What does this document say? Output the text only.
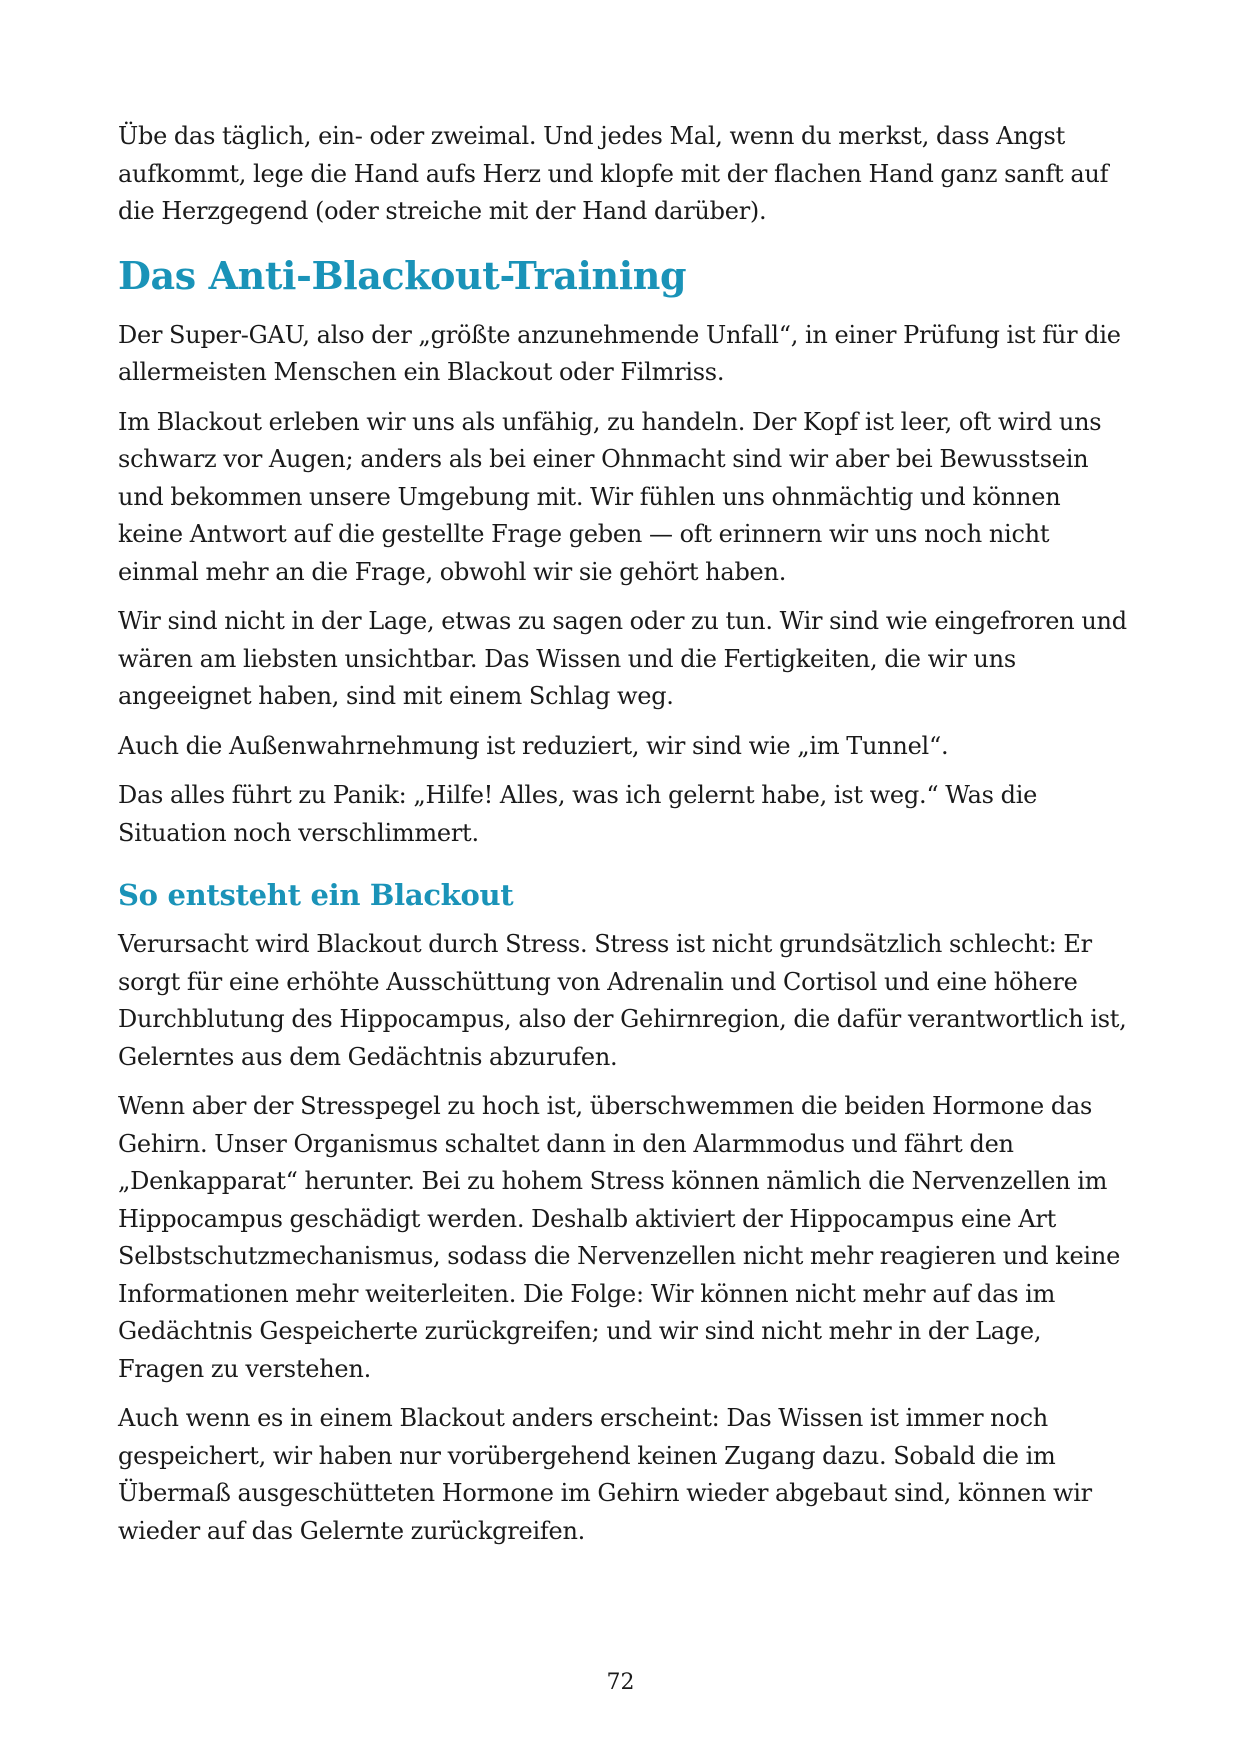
Übe das täglich, ein- oder zweimal. Und jedes Mal, wenn du merkst, dass Angst aufkommt, lege die Hand aufs Herz und klopfe mit der flachen Hand ganz sanft auf die Herzgegend (oder streiche mit der Hand darüber).

Das Anti-Blackout-Training

Der Super-GAU, also der „größte anzunehmende Unfall“, in einer Prüfung ist für die allermeisten Menschen ein Blackout oder Filmriss.

Im Blackout erleben wir uns als unfähig, zu handeln. Der Kopf ist leer, oft wird uns schwarz vor Augen; anders als bei einer Ohnmacht sind wir aber bei Bewusstsein und bekommen unsere Umgebung mit. Wir fühlen uns ohnmächtig und können keine Antwort auf die gestellte Frage geben — oft erinnern wir uns noch nicht einmal mehr an die Frage, obwohl wir sie gehört haben.

Wir sind nicht in der Lage, etwas zu sagen oder zu tun. Wir sind wie eingefroren und wären am liebsten unsichtbar. Das Wissen und die Fertigkeiten, die wir uns angeeignet haben, sind mit einem Schlag weg.

Auch die Außenwahrnehmung ist reduziert, wir sind wie „im Tunnel“.

Das alles führt zu Panik: „Hilfe! Alles, was ich gelernt habe, ist weg.“ Was die Situation noch verschlimmert.

So entsteht ein Blackout

Verursacht wird Blackout durch Stress. Stress ist nicht grundsätzlich schlecht: Er sorgt für eine erhöhte Ausschüttung von Adrenalin und Cortisol und eine höhere Durchblutung des Hippocampus, also der Gehirnregion, die dafür verantwortlich ist, Gelerntes aus dem Gedächtnis abzurufen.

Wenn aber der Stresspegel zu hoch ist, überschwemmen die beiden Hormone das Gehirn. Unser Organismus schaltet dann in den Alarmmodus und fährt den „Denkapparat“ herunter. Bei zu hohem Stress können nämlich die Nervenzellen im Hippocampus geschädigt werden. Deshalb aktiviert der Hippocampus eine Art Selbstschutzmechanismus, sodass die Nervenzellen nicht mehr reagieren und keine Informationen mehr weiterleiten. Die Folge: Wir können nicht mehr auf das im Gedächtnis Gespeicherte zurückgreifen; und wir sind nicht mehr in der Lage, Fragen zu verstehen.

Auch wenn es in einem Blackout anders erscheint: Das Wissen ist immer noch gespeichert, wir haben nur vorübergehend keinen Zugang dazu. Sobald die im Übermaß ausgeschütteten Hormone im Gehirn wieder abgebaut sind, können wir wieder auf das Gelernte zurückgreifen.

72
